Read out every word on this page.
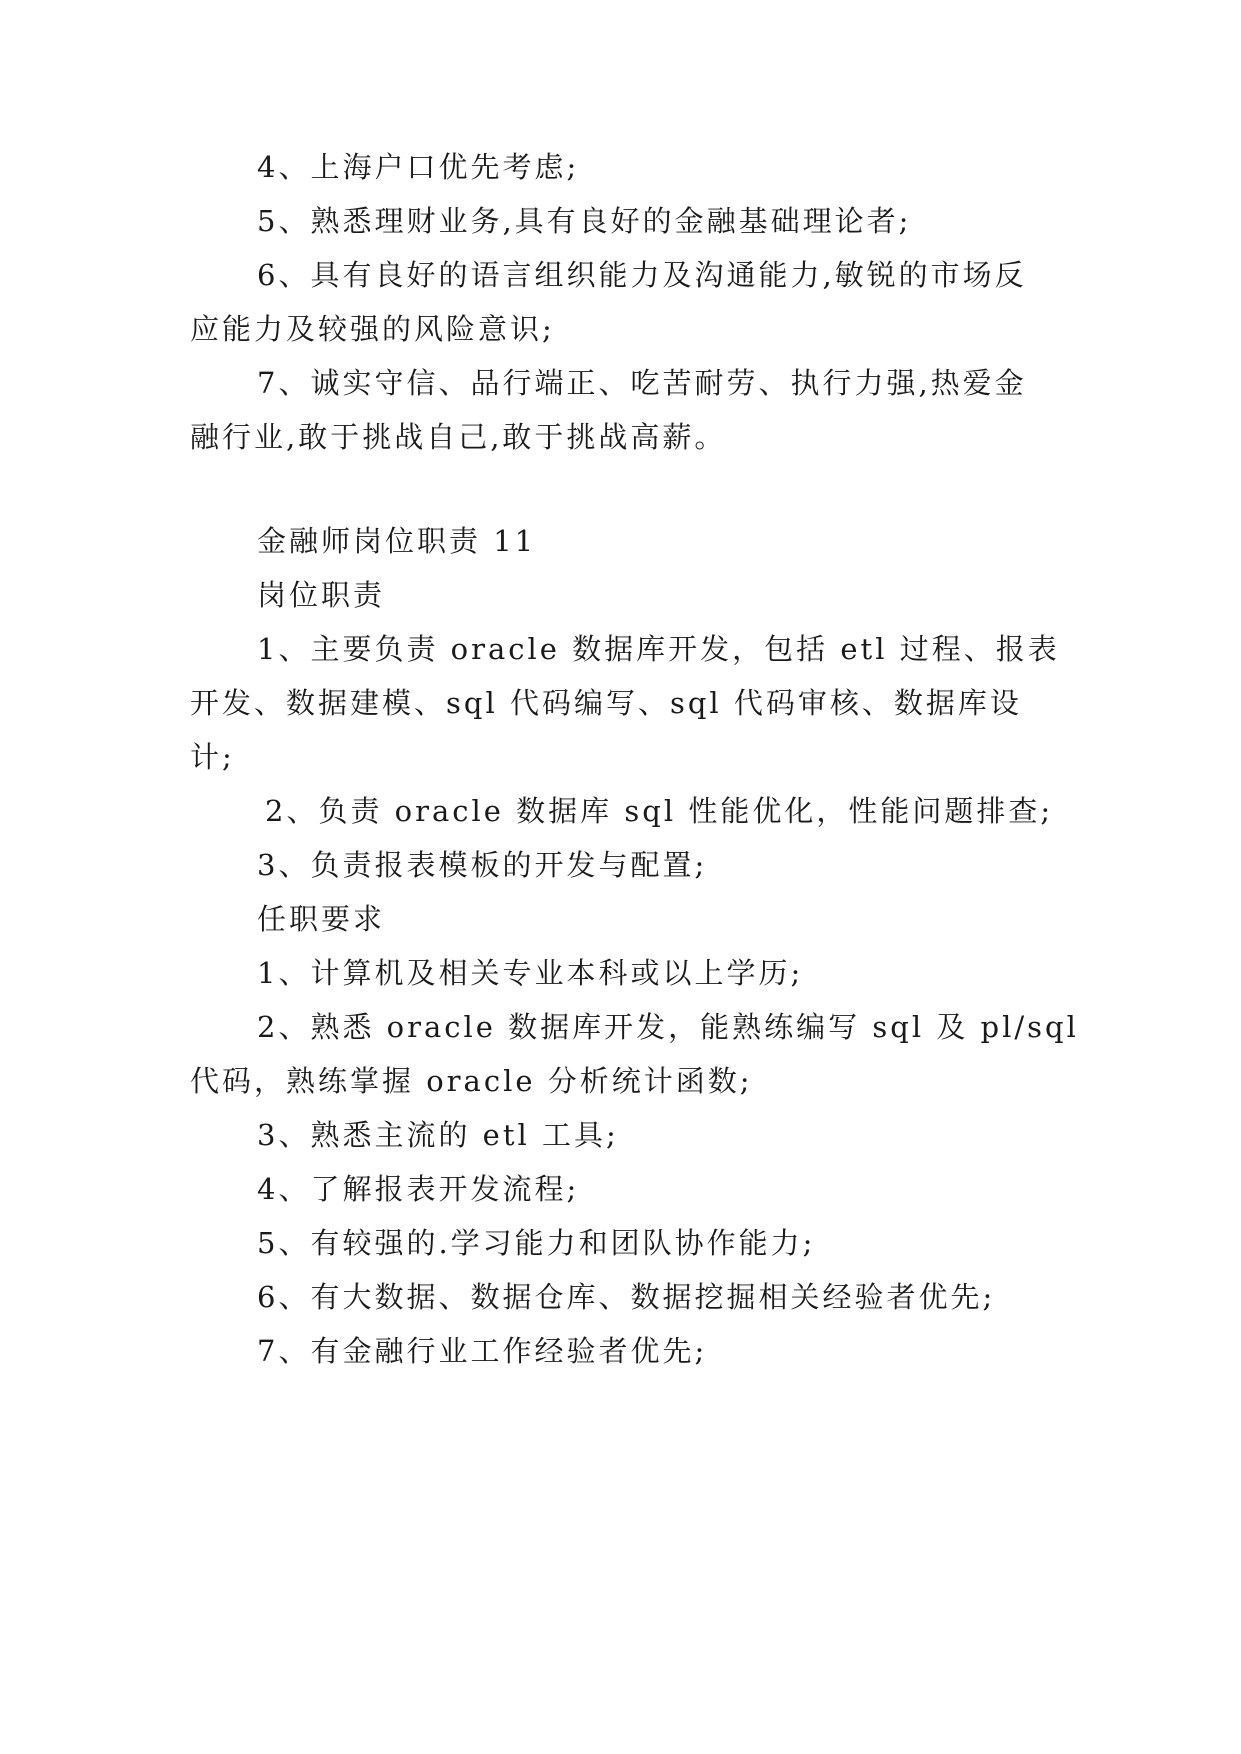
4、上海户口优先考虑;
5、熟悉理财业务,具有良好的金融基础理论者;
6、具有良好的语言组织能力及沟通能力,敏锐的市场反
应能力及较强的风险意识;
7、诚实守信、品行端正、吃苦耐劳、执行力强,热爱金
融行业,敢于挑战自己,敢于挑战高薪。
金融师岗位职责 11
岗位职责
1、主要负责 oracle 数据库开发，包括 etl 过程、报表
开发、数据建模、sql 代码编写、sql 代码审核、数据库设
计;
2、负责 oracle 数据库 sql 性能优化，性能问题排查;
3、负责报表模板的开发与配置;
任职要求
1、计算机及相关专业本科或以上学历;
2、熟悉 oracle 数据库开发，能熟练编写 sql 及 pl/sql
代码，熟练掌握 oracle 分析统计函数;
3、熟悉主流的 etl 工具;
4、了解报表开发流程;
5、有较强的.学习能力和团队协作能力;
6、有大数据、数据仓库、数据挖掘相关经验者优先;
7、有金融行业工作经验者优先;
